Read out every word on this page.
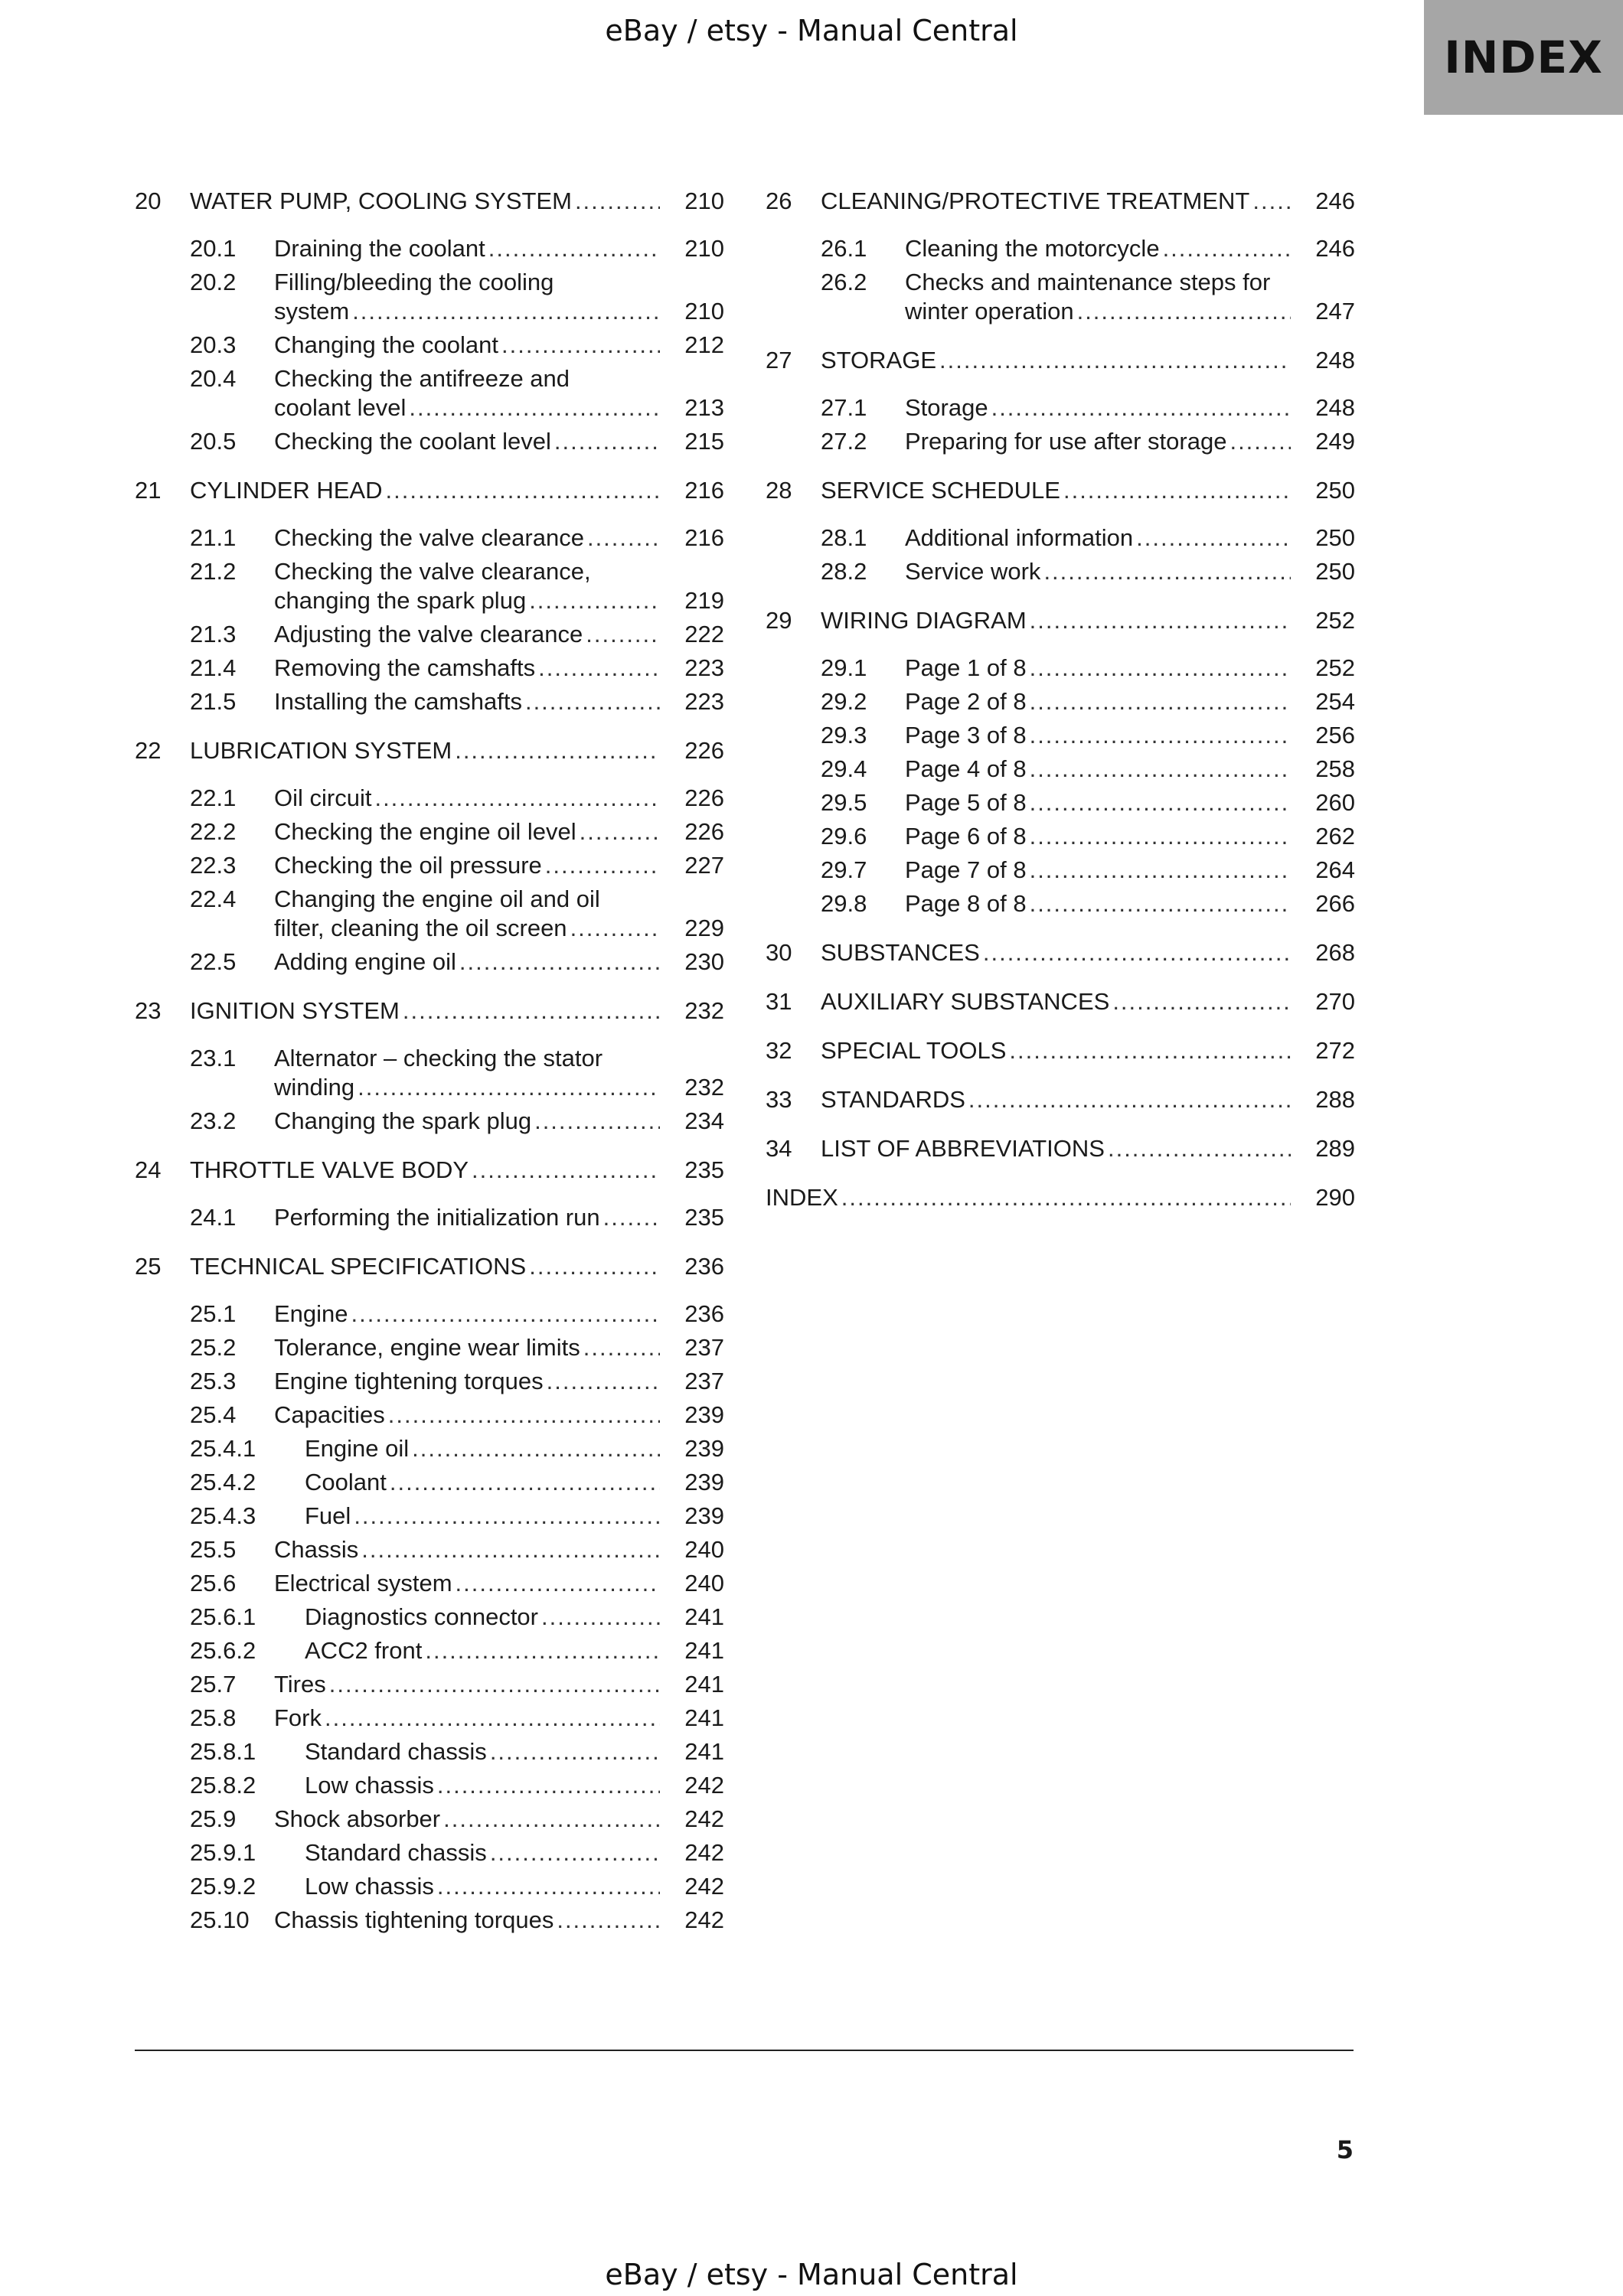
eBay / etsy - Manual Central
INDEX
20 WATER PUMP, COOLING SYSTEM .....	210
20.1 Draining the coolant .....	210
20.2 Filling/bleeding the cooling
system .....	210
20.3 Changing the coolant .....	212
20.4 Checking the antifreeze and
coolant level .....	213
20.5 Checking the coolant level .....	215
21 CYLINDER HEAD .....	216
21.1 Checking the valve clearance .....	216
21.2 Checking the valve clearance,
changing the spark plug .....	219
21.3 Adjusting the valve clearance .....	222
21.4 Removing the camshafts .....	223
21.5 Installing the camshafts .....	223
22 LUBRICATION SYSTEM .....	226
22.1 Oil circuit .....	226
22.2 Checking the engine oil level .....	226
22.3 Checking the oil pressure .....	227
22.4 Changing the engine oil and oil
filter, cleaning the oil screen .....	229
22.5 Adding engine oil .....	230
23 IGNITION SYSTEM .....	232
23.1 Alternator – checking the stator
winding .....	232
23.2 Changing the spark plug .....	234
24 THROTTLE VALVE BODY .....	235
24.1 Performing the initialization run .....	235
25 TECHNICAL SPECIFICATIONS .....	236
25.1 Engine .....	236
25.2 Tolerance, engine wear limits .....	237
25.3 Engine tightening torques .....	237
25.4 Capacities .....	239
25.4.1 Engine oil .....	239
25.4.2 Coolant .....	239
25.4.3 Fuel .....	239
25.5 Chassis .....	240
25.6 Electrical system .....	240
25.6.1 Diagnostics connector .....	241
25.6.2 ACC2 front .....	241
25.7 Tires .....	241
25.8 Fork .....	241
25.8.1 Standard chassis .....	241
25.8.2 Low chassis .....	242
25.9 Shock absorber .....	242
25.9.1 Standard chassis .....	242
25.9.2 Low chassis .....	242
25.10 Chassis tightening torques .....	242
26 CLEANING/PROTECTIVE TREATMENT .....	246
26.1 Cleaning the motorcycle .....	246
26.2 Checks and maintenance steps for
winter operation .....	247
27 STORAGE .....	248
27.1 Storage .....	248
27.2 Preparing for use after storage .....	249
28 SERVICE SCHEDULE .....	250
28.1 Additional information .....	250
28.2 Service work .....	250
29 WIRING DIAGRAM .....	252
29.1 Page 1 of 8 .....	252
29.2 Page 2 of 8 .....	254
29.3 Page 3 of 8 .....	256
29.4 Page 4 of 8 .....	258
29.5 Page 5 of 8 .....	260
29.6 Page 6 of 8 .....	262
29.7 Page 7 of 8 .....	264
29.8 Page 8 of 8 .....	266
30 SUBSTANCES .....	268
31 AUXILIARY SUBSTANCES .....	270
32 SPECIAL TOOLS .....	272
33 STANDARDS .....	288
34 LIST OF ABBREVIATIONS .....	289
INDEX .....	290
5
eBay / etsy - Manual Central
